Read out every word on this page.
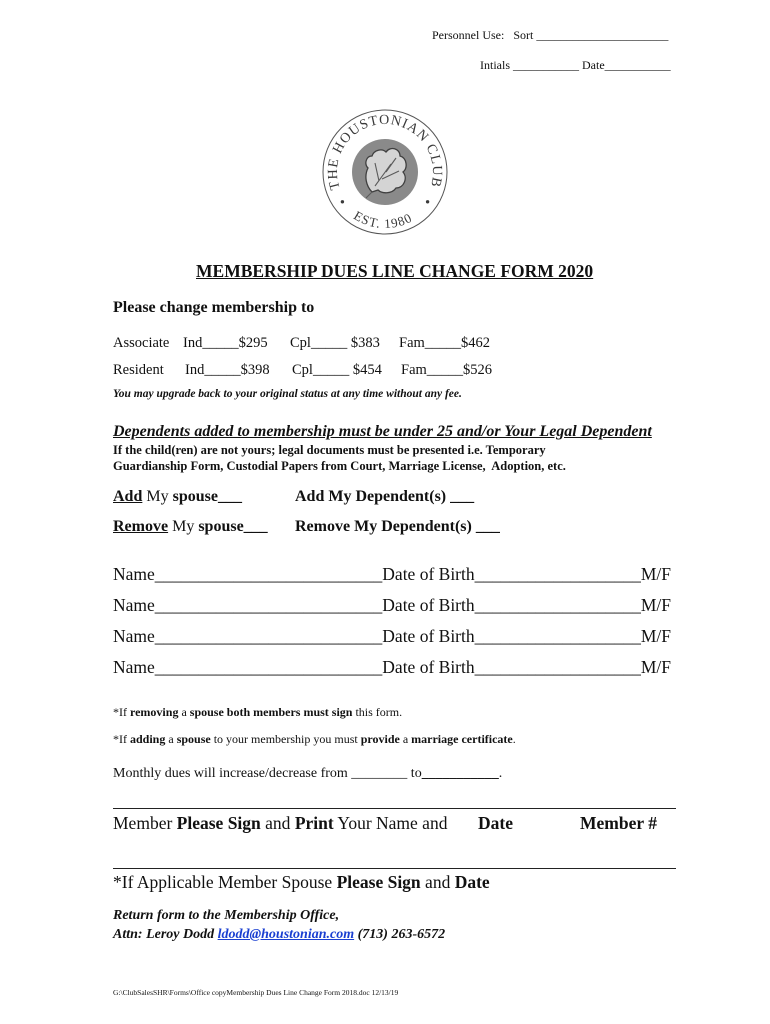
Personnel Use:   Sort ______________________
Intials ___________ Date___________
THE HOUSTONIAN CLUB
EST. 1980
MEMBERSHIP DUES LINE CHANGE FORM 2020
Please change membership to
Associate Ind_____$295 Cpl_____ $383 Fam_____$462
Resident Ind_____$398 Cpl_____ $454 Fam_____$526
You may upgrade back to your original status at any time without any fee.
Dependents added to membership must be under 25 and/or Your Legal Dependent
If the child(ren) are not yours; legal documents must be presented i.e. Temporary
Guardianship Form, Custodial Papers from Court, Marriage License,  Adoption, etc.
Add My spouse___	Add My Dependent(s) ___
Remove My spouse___ Remove My Dependent(s) ___
Name__________________________Date of Birth___________________M/F
Name__________________________Date of Birth___________________M/F
Name__________________________Date of Birth___________________M/F
Name__________________________Date of Birth___________________M/F
*If removing a spouse both members must sign this form.
*If adding a spouse to your membership you must provide a marriage certificate.
Monthly dues will increase/decrease from ________ to___________.
Member Please Sign and Print Your Name and Date	Member #
*If Applicable Member Spouse Please Sign and Date
Return form to the Membership Office,
Attn: Leroy Dodd ldodd@houstonian.com (713) 263-6572
G:\ClubSalesSHR\Forms\Office copyMembership Dues Line Change Form 2018.doc 12/13/19
